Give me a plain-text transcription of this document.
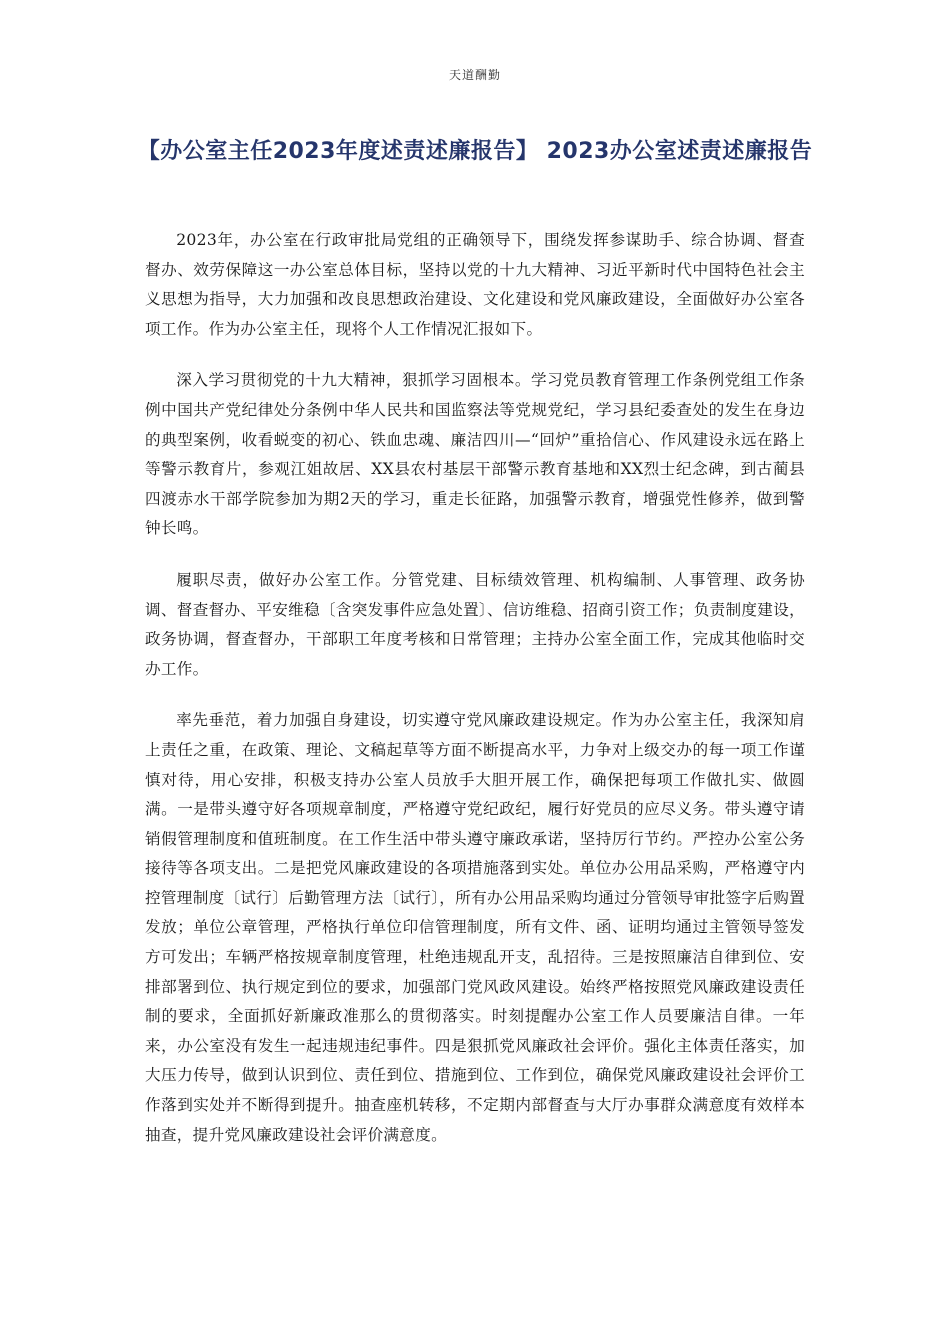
天道酬勤
【办公室主任2023年度述责述廉报告】 2023办公室述责述廉报告

2023年，办公室在行政审批局党组的正确领导下，围绕发挥参谋助手、综合协调、督查督办、效劳保障这一办公室总体目标，坚持以党的十九大精神、习近平新时代中国特色社会主义思想为指导，大力加强和改良思想政治建设、文化建设和党风廉政建设，全面做好办公室各项工作。作为办公室主任，现将个人工作情况汇报如下。

深入学习贯彻党的十九大精神，狠抓学习固根本。学习党员教育管理工作条例党组工作条例中国共产党纪律处分条例中华人民共和国监察法等党规党纪，学习县纪委查处的发生在身边的典型案例，收看蜕变的初心、铁血忠魂、廉洁四川—“回炉”重拾信心、作风建设永远在路上等警示教育片，参观江姐故居、XX县农村基层干部警示教育基地和XX烈士纪念碑，到古蔺县四渡赤水干部学院参加为期2天的学习，重走长征路，加强警示教育，增强党性修养，做到警钟长鸣。

履职尽责，做好办公室工作。分管党建、目标绩效管理、机构编制、人事管理、政务协调、督查督办、平安维稳〔含突发事件应急处置〕、信访维稳、招商引资工作；负责制度建设，政务协调，督查督办，干部职工年度考核和日常管理；主持办公室全面工作，完成其他临时交办工作。

率先垂范，着力加强自身建设，切实遵守党风廉政建设规定。作为办公室主任，我深知肩上责任之重，在政策、理论、文稿起草等方面不断提高水平，力争对上级交办的每一项工作谨慎对待，用心安排，积极支持办公室人员放手大胆开展工作，确保把每项工作做扎实、做圆满。一是带头遵守好各项规章制度，严格遵守党纪政纪，履行好党员的应尽义务。带头遵守请销假管理制度和值班制度。在工作生活中带头遵守廉政承诺，坚持厉行节约。严控办公室公务接待等各项支出。二是把党风廉政建设的各项措施落到实处。单位办公用品采购，严格遵守内控管理制度〔试行〕后勤管理方法〔试行〕，所有办公用品采购均通过分管领导审批签字后购置发放；单位公章管理，严格执行单位印信管理制度，所有文件、函、证明均通过主管领导签发方可发出；车辆严格按规章制度管理，杜绝违规乱开支，乱招待。三是按照廉洁自律到位、安排部署到位、执行规定到位的要求，加强部门党风政风建设。始终严格按照党风廉政建设责任制的要求，全面抓好新廉政准那么的贯彻落实。时刻提醒办公室工作人员要廉洁自律。一年来，办公室没有发生一起违规违纪事件。四是狠抓党风廉政社会评价。强化主体责任落实，加大压力传导，做到认识到位、责任到位、措施到位、工作到位，确保党风廉政建设社会评价工作落到实处并不断得到提升。抽查座机转移，不定期内部督查与大厅办事群众满意度有效样本抽查，提升党风廉政建设社会评价满意度。
